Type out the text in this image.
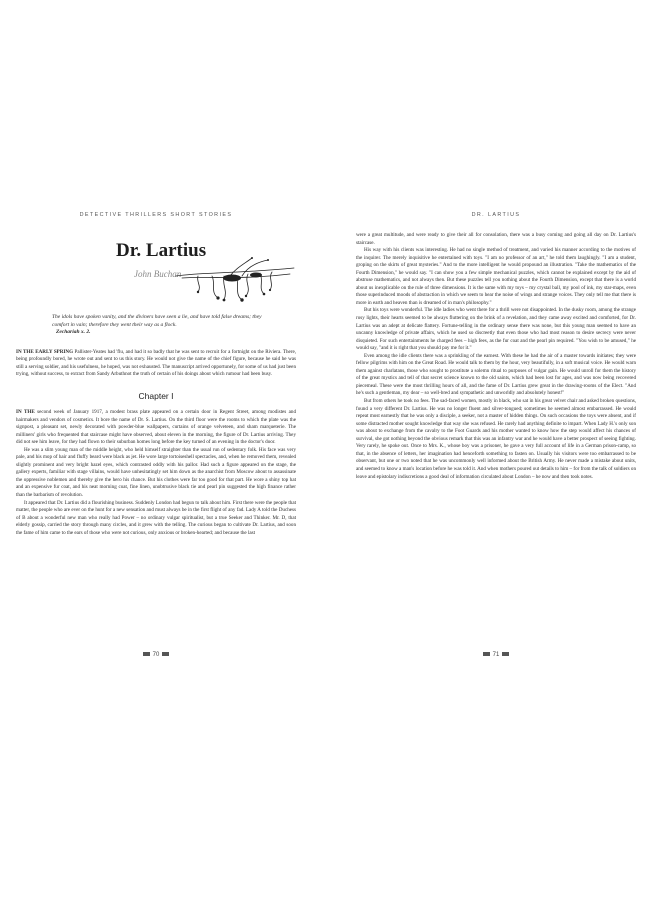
DETECTIVE THRILLERS SHORT STORIES
Dr. Lartius
John Buchan
The idols have spoken vanity, and the diviners have seen a lie, and have told false dreams; they comfort in vain; therefore they went their way as a flock.
Zechariah x. 2.

IN THE EARLY SPRING Pallister-Yeates had 'flu, and had it so badly that he was sent to recruit for a fortnight on the Riviera. There, being profoundly bored, he wrote out and sent to us this story. He would not give the name of the chief figure, because he said he was still a serving soldier, and his usefulness, he hoped, was not exhausted. The manuscript arrived opportunely, for some of us had just been trying, without success, to extract from Sandy Arbuthnot the truth of certain of his doings about which rumour had been busy.

Chapter I

IN THE second week of January 1917, a modest brass plate appeared on a certain door in Regent Street, among modistes and hairmakers and vendors of cosmetics. It bore the name of Dr. S. Lartius. On the third floor were the rooms to which the plate was the signpost, a pleasant set, newly decorated with powder-blue wallpapers, curtains of orange velveteen, and sham marqueterie. The milliners' girls who frequented that staircase might have observed, about eleven in the morning, the figure of Dr. Lartius arriving. They did not see him leave, for they had flown to their suburban homes long before the key turned of an evening in the doctor's door.

He was a slim young man of the middle height, who held himself straighter than the usual run of sedentary folk. His face was very pale, and his mop of hair and fluffy beard were black as jet. He wore large tortoiseshell spectacles, and, when he removed them, revealed slightly prominent and very bright hazel eyes, which contrasted oddly with his pallor. Had such a figure appeared on the stage, the gallery experts, familiar with stage villains, would have unhesitatingly set him down as the anarchist from Moscow about to assassinate the oppressive noblemen and thereby give the hero his chance. But his clothes were far too good for that part. He wore a shiny top hat and an expensive fur coat, and his neat morning coat, fine linen, unobtrusive black tie and pearl pin suggested the high finance rather than the barbarism of revolution.

It appeared that Dr. Lartius did a flourishing business. Suddenly London had begun to talk about him. First there were the people that matter, the people who are ever on the hunt for a new sensation and must always be in the first flight of any fad. Lady A told the Duchess of B about a wonderful new man who really had Power – no ordinary vulgar spiritualist, but a true Seeker and Thinker. Mr. D, that elderly gossip, carried the story through many circles, and it grew with the telling. The curious began to cultivate Dr. Lartius, and soon the fame of him came to the ears of those who were not curious, only anxious or broken-hearted; and because the last

70
DR. LARTIUS

were a great multitude, and were ready to give their all for consolation, there was a busy coming and going all day on Dr. Lartius's staircase.

His way with his clients was interesting. He had no single method of treatment, and varied his manner according to the motives of the inquirer. The merely inquisitive he entertained with toys. "I am no professor of an art," he told them laughingly. "I am a student, groping on the skirts of great mysteries." And to the more intelligent he would propound an illustration. "Take the mathematics of the Fourth Dimension," he would say. "I can show you a few simple mechanical puzzles, which cannot be explained except by the aid of abstruse mathematics, and not always then. But these puzzles tell you nothing about the Fourth Dimension, except that there is a world about us inexplicable on the rule of three dimensions. It is the same with my toys – my crystal ball, my pool of ink, my star-maps, even those superinduced moods of abstraction in which we seem to hear the noise of wings and strange voices. They only tell me that there is more in earth and heaven than is dreamed of in man's philosophy."

But his toys were wonderful. The idle ladies who went there for a thrill were not disappointed. In the dusky room, among the strange rosy lights, their hearts seemed to be always fluttering on the brink of a revelation, and they came away excited and comforted, for Dr. Lartius was an adept at delicate flattery. Fortune-telling in the ordinary sense there was none, but this young man seemed to have an uncanny knowledge of private affairs, which he used so discreetly that even those who had most reason to desire secrecy were never disquieted. For such entertainments he charged fees – high fees, as the fur coat and the pearl pin required. "You wish to be amused," he would say, "and it is right that you should pay me for it."

Even among the idle clients there was a sprinkling of the earnest. With these he had the air of a master towards initiates; they were fellow pilgrims with him on the Great Road. He would talk to them by the hour, very beautifully, in a soft musical voice. He would warn them against charlatans, those who sought to prostitute a solemn ritual to purposes of vulgar gain. He would unroll for them the history of the great mystics and tell of that secret science known to the old saints, which had been lost for ages, and was now being recovered piecemeal. These were the most thrilling hours of all, and the fame of Dr. Lartius grew great in the drawing-rooms of the Elect. "And he's such a gentleman, my dear – so well-bred and sympathetic and unworldly and absolutely honest!"

But from others he took no fees. The sad-faced women, mostly in black, who sat in his great velvet chair and asked broken questions, found a very different Dr. Lartius. He was no longer fluent and silver-tongued; sometimes he seemed almost embarrassed. He would repeat most earnestly that he was only a disciple, a seeker, not a master of hidden things. On such occasions the toys were absent, and if some distracted mother sought knowledge that way she was refused. He rarely had anything definite to impart. When Lady H.'s only son was about to exchange from the cavalry to the Foot Guards and his mother wanted to know how the step would affect his chances of survival, she got nothing beyond the obvious remark that this was an infantry war and he would have a better prospect of seeing fighting. Very rarely, he spoke out. Once to Mrs. K., whose boy was a prisoner, he gave a very full account of life in a German prison-camp, so that, in the absence of letters, her imagination had henceforth something to fasten on. Usually his visitors were too embarrassed to be observant, but one or two noted that he was uncommonly well informed about the British Army. He never made a mistake about units, and seemed to know a man's location before he was told it. And when mothers poured out details to him – for from the talk of soldiers on leave and epistolary indiscretions a good deal of information circulated about London – he now and then took notes.

71
